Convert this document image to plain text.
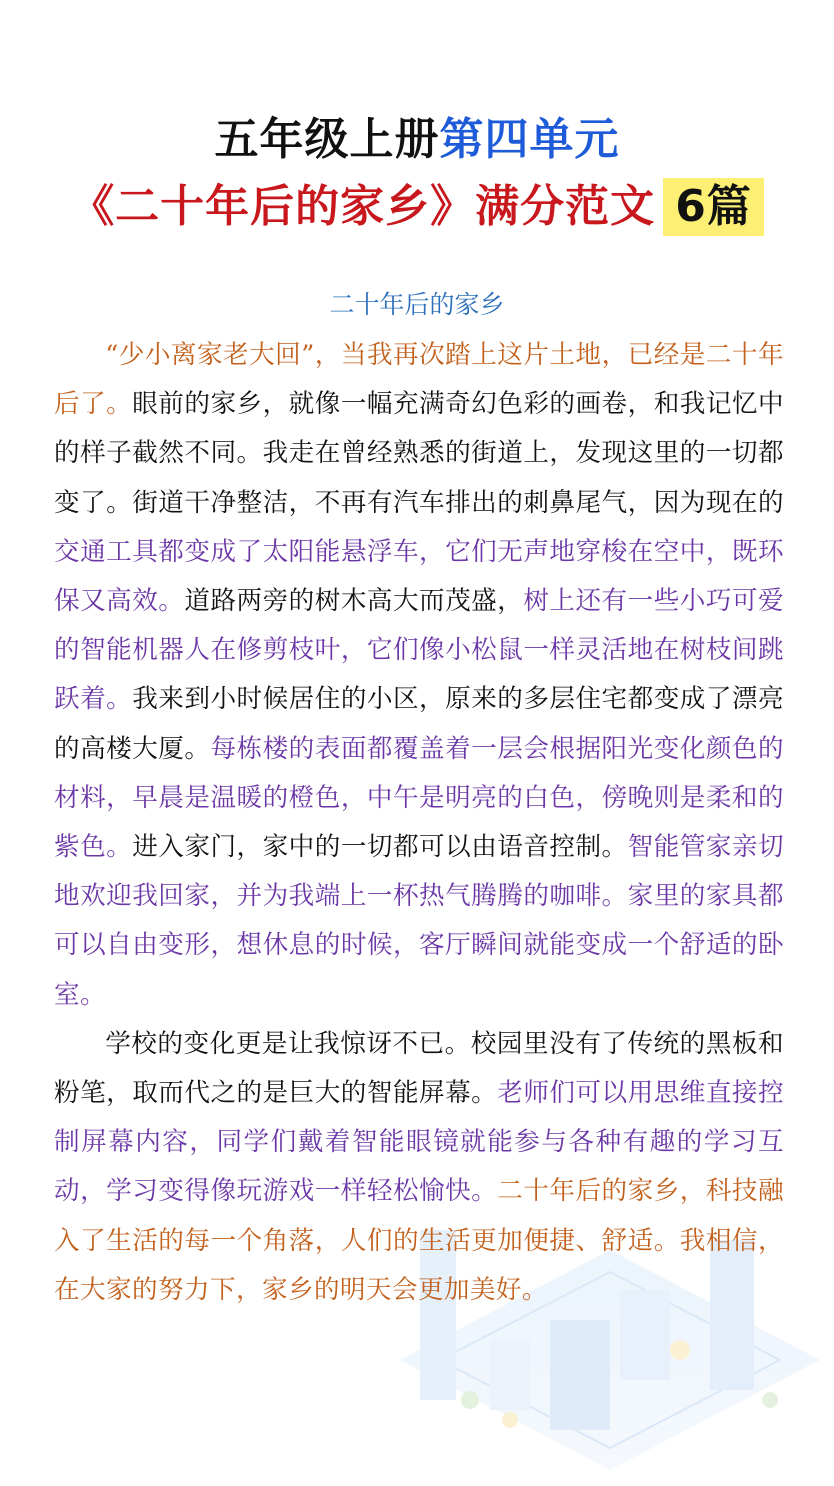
五年级上册第四单元
《二十年后的家乡》满分范文 6篇
二十年后的家乡

“少小离家老大回”，当我再次踏上这片土地，已经是二十年后了。眼前的家乡，就像一幅充满奇幻色彩的画卷，和我记忆中的样子截然不同。我走在曾经熟悉的街道上，发现这里的一切都变了。街道干净整洁，不再有汽车排出的刺鼻尾气，因为现在的交通工具都变成了太阳能悬浮车，它们无声地穿梭在空中，既环保又高效。道路两旁的树木高大而茂盛，树上还有一些小巧可爱的智能机器人在修剪枝叶，它们像小松鼠一样灵活地在树枝间跳跃着。我来到小时候居住的小区，原来的多层住宅都变成了漂亮的高楼大厦。每栋楼的表面都覆盖着一层会根据阳光变化颜色的材料，早晨是温暖的橙色，中午是明亮的白色，傍晚则是柔和的紫色。进入家门，家中的一切都可以由语音控制。智能管家亲切地欢迎我回家，并为我端上一杯热气腾腾的咖啡。家里的家具都可以自由变形，想休息的时候，客厅瞬间就能变成一个舒适的卧室。

学校的变化更是让我惊讶不已。校园里没有了传统的黑板和粉笔，取而代之的是巨大的智能屏幕。老师们可以用思维直接控制屏幕内容，同学们戴着智能眼镜就能参与各种有趣的学习互动，学习变得像玩游戏一样轻松愉快。二十年后的家乡，科技融入了生活的每一个角落，人们的生活更加便捷、舒适。我相信，在大家的努力下，家乡的明天会更加美好。
